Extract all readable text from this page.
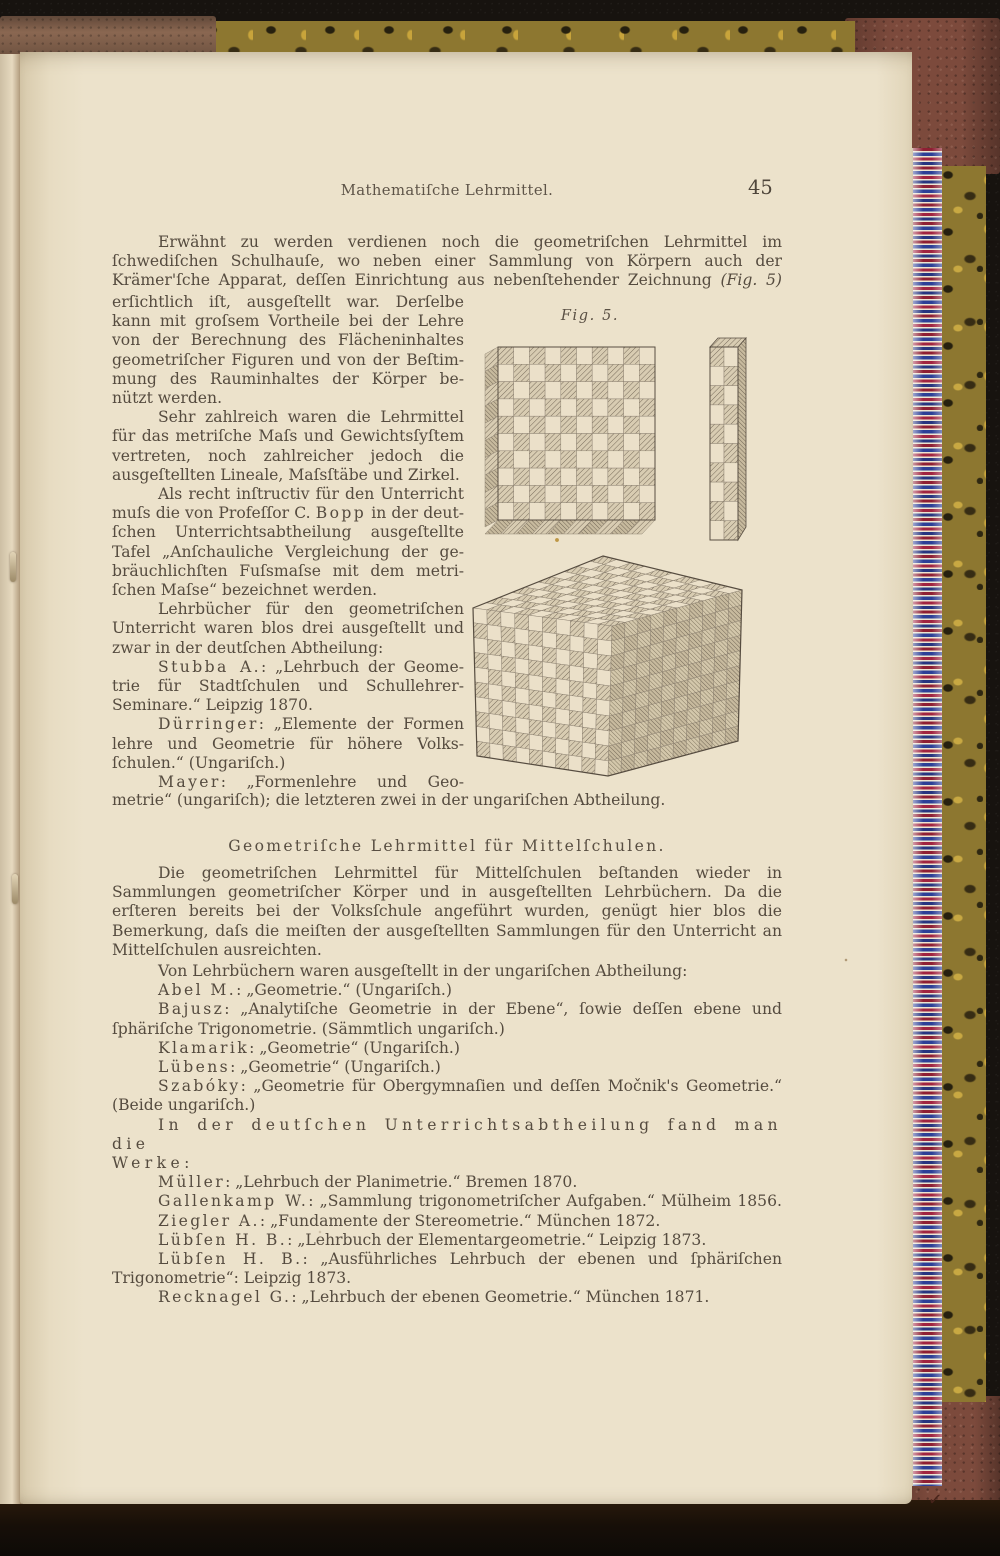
Mathematiſche Lehrmittel.	45
Fig. 5.
Erwähnt zu werden verdienen noch die geometriſchen Lehrmittel im
ſchwediſchen Schulhauſe, wo neben einer Sammlung von Körpern auch der
Krämer'ſche Apparat, deſſen Einrichtung aus nebenſtehender Zeichnung (Fig. 5)
erſichtlich iſt, ausgeſtellt war. Derſelbe
kann mit groſsem Vortheile bei der Lehre
von der Berechnung des Flächeninhaltes
geometriſcher Figuren und von der Beſtim-
mung des Rauminhaltes der Körper be-
nützt werden.
Sehr zahlreich waren die Lehrmittel
für das metriſche Maſs und Gewichtsſyſtem
vertreten, noch zahlreicher jedoch die
ausgeſtellten Lineale, Maſsſtäbe und Zirkel.
Als recht inſtructiv für den Unterricht
muſs die von Profeſſor C. Bopp in der deut-
ſchen Unterrichtsabtheilung ausgeſtellte
Tafel „Anſchauliche Vergleichung der ge-
bräuchlichſten Fuſsmaſse mit dem metri-
ſchen Maſse“ bezeichnet werden.
Lehrbücher für den geometriſchen
Unterricht waren blos drei ausgeſtellt und
zwar in der deutſchen Abtheilung:
Stubba A.: „Lehrbuch der Geome-
trie für Stadtſchulen und Schullehrer-
Seminare.“ Leipzig 1870.
Dürringer: „Elemente der Formen
lehre und Geometrie für höhere Volks-
ſchulen.“ (Ungariſch.)
Mayer: „Formenlehre und Geo-
metrie“ (ungariſch); die letzteren zwei in der ungariſchen Abtheilung.
Geometriſche Lehrmittel für Mittelſchulen.
Die geometriſchen Lehrmittel für Mittelſchulen beſtanden wieder in
Sammlungen geometriſcher Körper und in ausgeſtellten Lehrbüchern. Da die
erſteren bereits bei der Volksſchule angeführt wurden, genügt hier blos die
Bemerkung, daſs die meiſten der ausgeſtellten Sammlungen für den Unterricht an
Mittelſchulen ausreichten.
Von Lehrbüchern waren ausgeſtellt in der ungariſchen Abtheilung:
Abel M.: „Geometrie.“ (Ungariſch.)
Bajusz: „Analytiſche Geometrie in der Ebene“, ſowie deſſen ebene und
ſphäriſche Trigonometrie. (Sämmtlich ungariſch.)
Klamarik: „Geometrie“ (Ungariſch.)
Lübens: „Geometrie“ (Ungariſch.)
Szabóky: „Geometrie für Obergymnaſien und deſſen Močnik's Geometrie.“
(Beide ungariſch.)
In der deutſchen Unterrichtsabtheilung fand man die
Werke:
Müller: „Lehrbuch der Planimetrie.“ Bremen 1870.
Gallenkamp W.: „Sammlung trigonometriſcher Aufgaben.“ Mülheim 1856.
Ziegler A.: „Fundamente der Stereometrie.“ München 1872.
Lübſen H. B.: „Lehrbuch der Elementargeometrie.“ Leipzig 1873.
Lübſen H. B.: „Ausführliches Lehrbuch der ebenen und ſphäriſchen
Trigonometrie“: Leipzig 1873.
Recknagel G.: „Lehrbuch der ebenen Geometrie.“ München 1871.
✓
